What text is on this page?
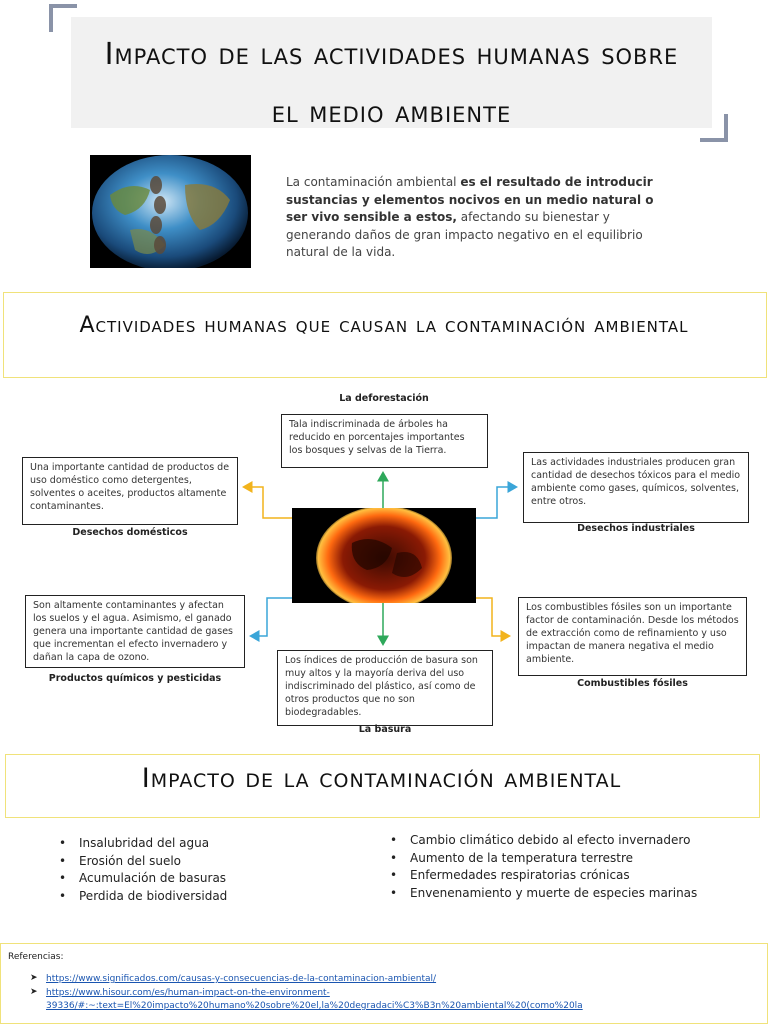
Impacto de las actividades humanas sobre
el medio ambiente
La contaminación ambiental es el resultado de introducir sustancias y elementos nocivos en un medio natural o ser vivo sensible a estos, afectando su bienestar y generando daños de gran impacto negativo en el equilibrio natural de la vida.
Actividades humanas que causan la contaminación ambiental
La deforestación
Tala indiscriminada de árboles ha reducido en porcentajes importantes los bosques y selvas de la Tierra.
Una importante cantidad de productos de uso doméstico como detergentes, solventes o aceites, productos altamente contaminantes.
Desechos domésticos
Las actividades industriales producen gran cantidad de desechos tóxicos para el medio ambiente como gases, químicos, solventes, entre otros.
Desechos industriales
Son altamente contaminantes y afectan los suelos y el agua. Asimismo, el ganado genera una importante cantidad de gases que incrementan el efecto invernadero y dañan la capa de ozono.
Productos químicos y pesticidas
Los combustibles fósiles son un importante factor de contaminación. Desde los métodos de extracción como de refinamiento y uso impactan de manera negativa el medio ambiente.
Combustibles fósiles
Los índices de producción de basura son muy altos y la mayoría deriva del uso indiscriminado del plástico, así como de otros productos que no son biodegradables.
La basura
Impacto de la contaminación ambiental
• Insalubridad del agua
• Erosión del suelo
• Acumulación de basuras
• Perdida de biodiversidad
• Cambio climático debido al efecto invernadero
• Aumento de la temperatura terrestre
• Enfermedades respiratorias crónicas
• Envenenamiento y muerte de especies marinas
Referencias:
➤ https://www.significados.com/causas-y-consecuencias-de-la-contaminacion-ambiental/
➤ https://www.hisour.com/es/human-impact-on-the-environment-
39336/#:~:text=El%20impacto%20humano%20sobre%20el,la%20degradaci%C3%B3n%20ambiental%20(como%20la
